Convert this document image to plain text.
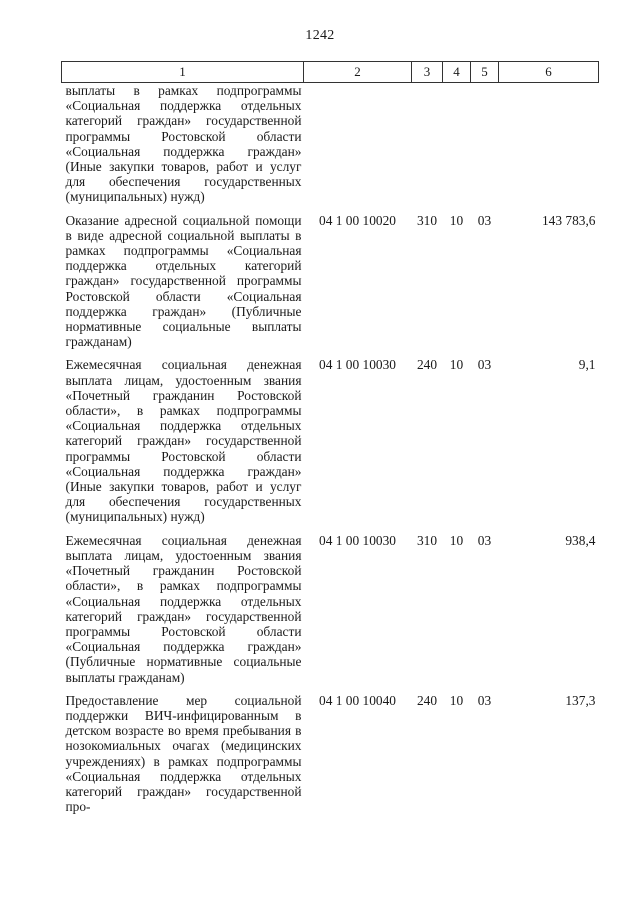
1242
1	2	3	4	5	6
выплаты в рамках подпрограммы «Социальная поддержка отдельных категорий граждан» государственной программы Ростовской области «Социальная поддержка граждан» (Иные закупки товаров, работ и услуг для обеспечения государственных (муниципальных) нужд)					

Оказание адресной социальной помощи в виде адресной социальной выплаты в рамках подпрограммы «Социальная поддержка отдельных категорий граждан» государственной программы Ростовской области «Социальная поддержка граждан» (Публичные нормативные социальные выплаты гражданам)	04 1 00 10020	310	10	03	143 783,6

Ежемесячная социальная денежная выплата лицам, удостоенным звания «Почетный гражданин Ростовской области», в рамках подпрограммы «Социальная поддержка отдельных категорий граждан» государственной программы Ростовской области «Социальная поддержка граждан» (Иные закупки товаров, работ и услуг для обеспечения государственных (муниципальных) нужд)	04 1 00 10030	240	10	03	9,1

Ежемесячная социальная денежная выплата лицам, удостоенным звания «Почетный гражданин Ростовской области», в рамках подпрограммы «Социальная поддержка отдельных категорий граждан» государственной программы Ростовской области «Социальная поддержка граждан» (Публичные нормативные социальные выплаты гражданам)	04 1 00 10030	310	10	03	938,4

Предоставление мер социальной поддержки ВИЧ-инфицированным в детском возрасте во время пребывания в нозокомиальных очагах (медицинских учреждениях) в рамках подпрограммы «Социальная поддержка отдельных категорий граждан» государственной про-	04 1 00 10040	240	10	03	137,3
